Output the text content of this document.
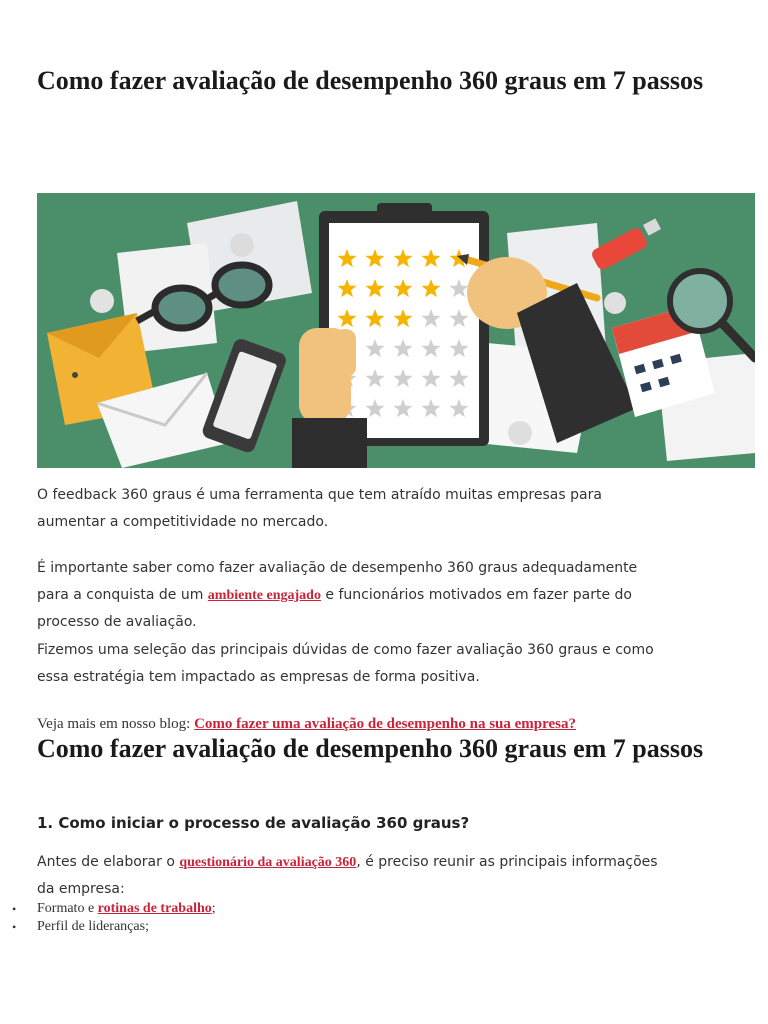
Como fazer avaliação de desempenho 360 graus em 7 passos

O feedback 360 graus é uma ferramenta que tem atraído muitas empresas para aumentar a competitividade no mercado.

É importante saber como fazer avaliação de desempenho 360 graus adequadamente para a conquista de um ambiente engajado e funcionários motivados em fazer parte do processo de avaliação.

Fizemos uma seleção das principais dúvidas de como fazer avaliação 360 graus e como essa estratégia tem impactado as empresas de forma positiva.

Veja mais em nosso blog: Como fazer uma avaliação de desempenho na sua empresa?

Como fazer avaliação de desempenho 360 graus em 7 passos
1. Como iniciar o processo de avaliação 360 graus?

Antes de elaborar o questionário da avaliação 360, é preciso reunir as principais informações da empresa:

• Formato e rotinas de trabalho;
• Perfil de lideranças;
